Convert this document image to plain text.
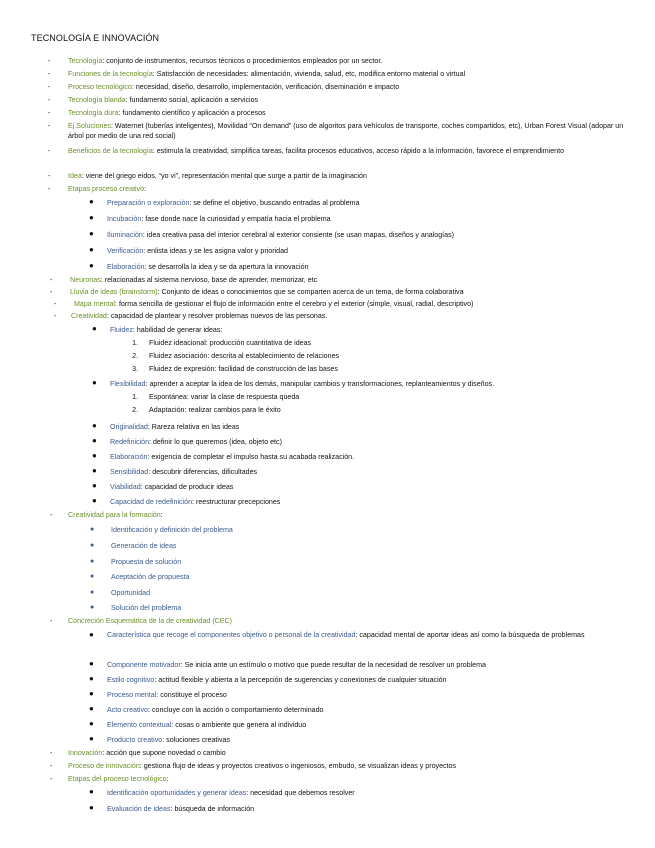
TECNOLOGÍA E INNOVACIÓN
- Tecnología: conjunto de instrumentos, recursos técnicos o procedimientos empleados por un sector.
- Funciones de la tecnología: Satisfacción de necesidades: alimentación, vivienda, salud, etc, modifica entorno material o virtual
- Proceso tecnológico: necesidad, diseño, desarrollo, implementación, verificación, diseminación e impacto
- Tecnología blanda: fundamento social, aplicación a servicios
- Tecnología dura: fundamento científico y aplicación a procesos
- Ej.Soluciones: Waternet (tuberías inteligentes), Movilidad “On demand” (uso de algoritos para vehículos de transporte, coches compartidos, etc), Urban Forest Visual (adopar un árbol por medio de una red social)
- Beneficios de la tecnología: estimula la creatividad, simplifica tareas, facilita procesos educativos, acceso rápido a la información, favorece el emprendimiento
- Idea: viene del griego eidos, “yo vi”, representación mental que surge a partir de la imaginación
- Etapas proceso creativo:
● Preparación o exploración: se define el objetivo, buscando entradas al problema
● Incubación: fase donde nace la curiosidad y empatía hacia el problema
● Iluminación: idea creativa pasa del interior cerebral al exterior consiente (se usan mapas, diseños y analogías)
● Verificación: enlista ideas y se les asigna valor y prioridad
● Elaboración: se desarrolla la idea y se da apertura la innovación
- Neuronas: relacionadas al sistema nervioso, base de aprender, memorizar, etc
- Lluvia de ideas (brainstorm): Conjunto de ideas o conocimientos que se comparten acerca de un tema, de forma colaborativa
- Mapa mental: forma sencilla de gestionar el flujo de información entre el cerebro y el exterior (simple, visual, radial, descriptivo)
- Creatividad: capacidad de plantear y resolver problemas nuevos de las personas.
● Fluidez: habilidad de generar ideas:
1. Fluidez ideacional: producción cuantitativa de ideas
2. Fluidez asociación: descrita al establecimiento de relaciones
3. Fluidez de expresión: facilidad de construcción de las bases
● Flexibilidad: aprender a aceptar la idea de los demás, manipular cambios y transformaciones, replanteamientos y diseños.
1. Espontánea: variar la clase de respuesta queda
2. Adaptación: realizar cambios para le éxito
● Originalidad: Rareza relativa en las ideas
● Redefinición: definir lo que queremos (idea, objeto etc)
● Elaboración: exigencia de completar el impulso hasta su acabada realización.
● Sensibilidad: descubrir diferencias, dificultades
● Viabilidad: capacidad de producir ideas
● Capacidad de redefinición: reestructurar precepciones
- Creatividad para la formación:
● Identificación y definición del problema
● Generación de ideas
● Propuesta de solución
● Aceptación de propuesta
● Oportunidad
● Solución del problema
- Concreción Esquemática de la de creatividad (CEC)
● Característica que recoge el componentes objetivo o personal de la creatividad: capacidad mental de aportar ideas así como la búsqueda de problemas
● Componente motivador: Se inicia ante un estímulo o motivo que puede resultar de la necesidad de resolver un problema
● Estilo cognitivo: actitud flexible y abierta a la percepción de sugerencias y conexiones de cualquier situación
● Proceso mental: constituye el proceso
● Acto creativo: concluye con la acción o comportamiento determinado
● Elemento contextual: cosas o ambiente que genera al individuo
● Producto creativo: soluciones creativas
- Innovación: acción que supone novedad o cambio
- Proceso de innovación: gestiona flujo de ideas y proyectos creativos o ingeniosos, embudo, se visualizan ideas y proyectos
- Etapas del proceso tecnológico:
● Identificación oportunidades y generar ideas: necesidad que debemos resolver
● Evaluación de ideas: búsqueda de información
